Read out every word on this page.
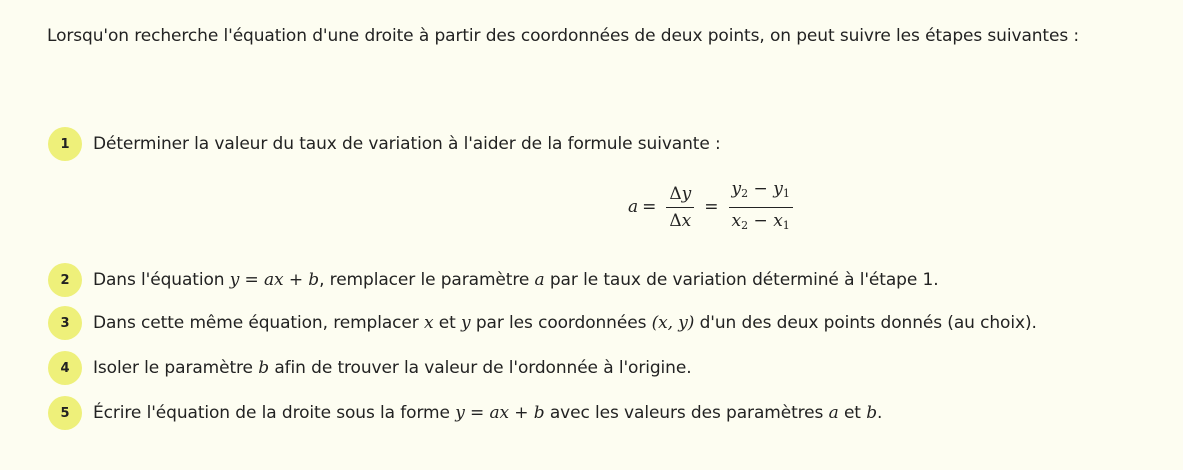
Lorsqu'on recherche l'équation d'une droite à partir des coordonnées de deux points, on peut suivre les étapes suivantes :
1	Déterminer la valeur du taux de variation à l'aider de la formule suivante :
$a = \frac{\Delta y}{\Delta x} = \frac{y_2 - y_1}{x_2 - x_1}$
2	Dans l'équation y = ax + b, remplacer le paramètre a par le taux de variation déterminé à l'étape 1.
3	Dans cette même équation, remplacer x et y par les coordonnées (x, y) d'un des deux points donnés (au choix).
4	Isoler le paramètre b afin de trouver la valeur de l'ordonnée à l'origine.
5	Écrire l'équation de la droite sous la forme y = ax + b avec les valeurs des paramètres a et b.
